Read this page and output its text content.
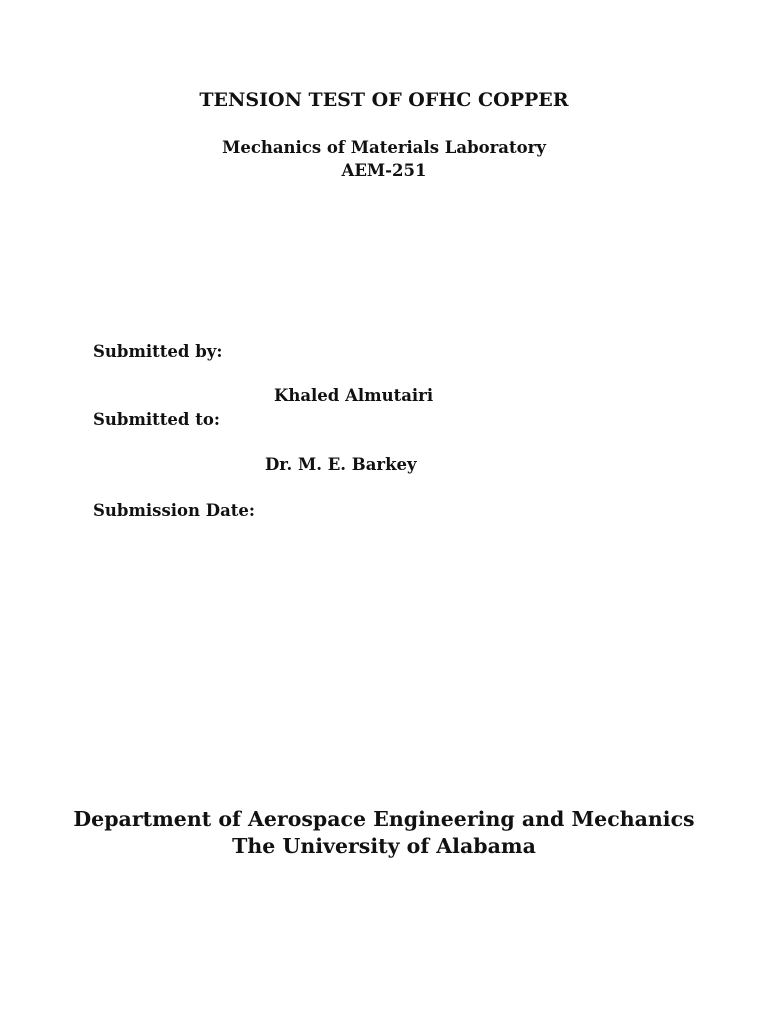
TENSION TEST OF OFHC COPPER
Mechanics of Materials Laboratory
AEM-251
Submitted by:
Khaled Almutairi
Submitted to:
Dr. M. E. Barkey
Submission Date:
Department of Aerospace Engineering and Mechanics
The University of Alabama
